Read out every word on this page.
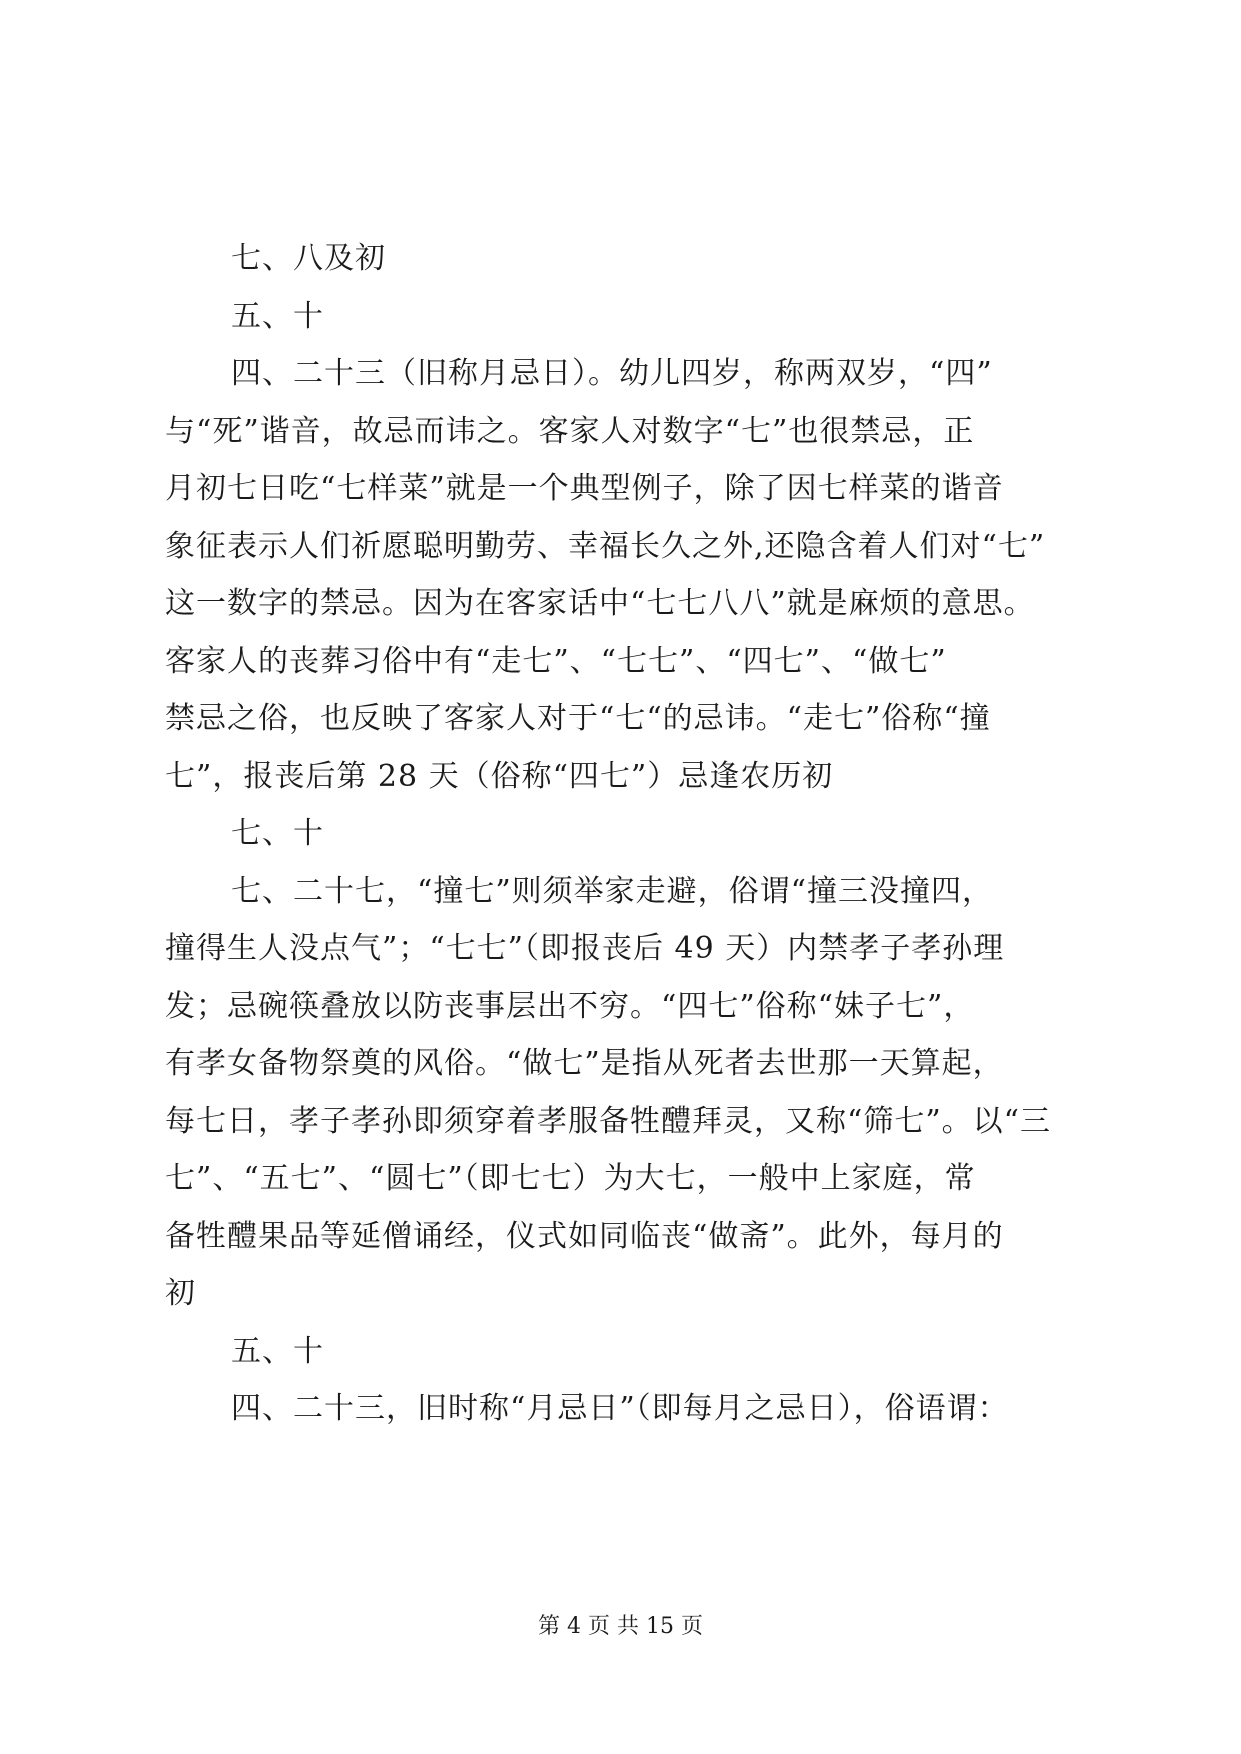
七、八及初
五、十
四、二十三（旧称月忌日）。幼儿四岁，称两双岁，“四”
与“死”谐音，故忌而讳之。客家人对数字“七”也很禁忌，正
月初七日吃“七样菜”就是一个典型例子，除了因七样菜的谐音
象征表示人们祈愿聪明勤劳、幸福长久之外,还隐含着人们对“七”
这一数字的禁忌。因为在客家话中“七七八八”就是麻烦的意思。
客家人的丧葬习俗中有“走七”、“七七”、“四七”、“做七”
禁忌之俗，也反映了客家人对于“七“的忌讳。“走七”俗称“撞
七”，报丧后第 28 天（俗称“四七”）忌逢农历初
七、十
七、二十七，“撞七”则须举家走避，俗谓“撞三没撞四，
撞得生人没点气”；“七七”（即报丧后 49 天）内禁孝子孝孙理
发；忌碗筷叠放以防丧事层出不穷。“四七”俗称“妹子七”，
有孝女备物祭奠的风俗。“做七”是指从死者去世那一天算起，
每七日，孝子孝孙即须穿着孝服备牲醴拜灵，又称“筛七”。以“三
七”、“五七”、“圆七”（即七七）为大七，一般中上家庭，常
备牲醴果品等延僧诵经，仪式如同临丧“做斋”。此外，每月的
初
五、十
四、二十三，旧时称“月忌日”（即每月之忌日），俗语谓：
第 4 页 共 15 页
